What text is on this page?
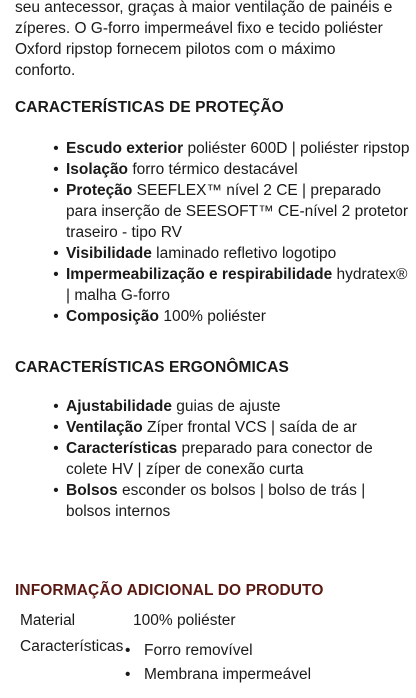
seu antecessor, graças à maior ventilação de painéis e

zíperes. O G-forro impermeável fixo e tecido poliéster

Oxford ripstop fornecem pilotos com o máximo

conforto.

CARACTERÍSTICAS DE PROTEÇÃO
• Escudo exterior poliéster 600D | poliéster ripstop
• Isolação forro térmico destacável
• Proteção SEEFLEX™ nível 2 CE | preparado para inserção de SEESOFT™ CE-nível 2 protetor traseiro - tipo RV
• Visibilidade laminado refletivo logotipo
• Impermeabilização e respirabilidade hydratex® | malha G-forro
• Composição 100% poliéster
CARACTERÍSTICAS ERGONÔMICAS
• Ajustabilidade guias de ajuste
• Ventilação Zíper frontal VCS | saída de ar
• Características preparado para conector de colete HV | zíper de conexão curta
• Bolsos esconder os bolsos | bolso de trás | bolsos internos
INFORMAÇÃO ADICIONAL DO PRODUTO
Material	100% poliéster
Características • Forro removível
• Membrana impermeável
